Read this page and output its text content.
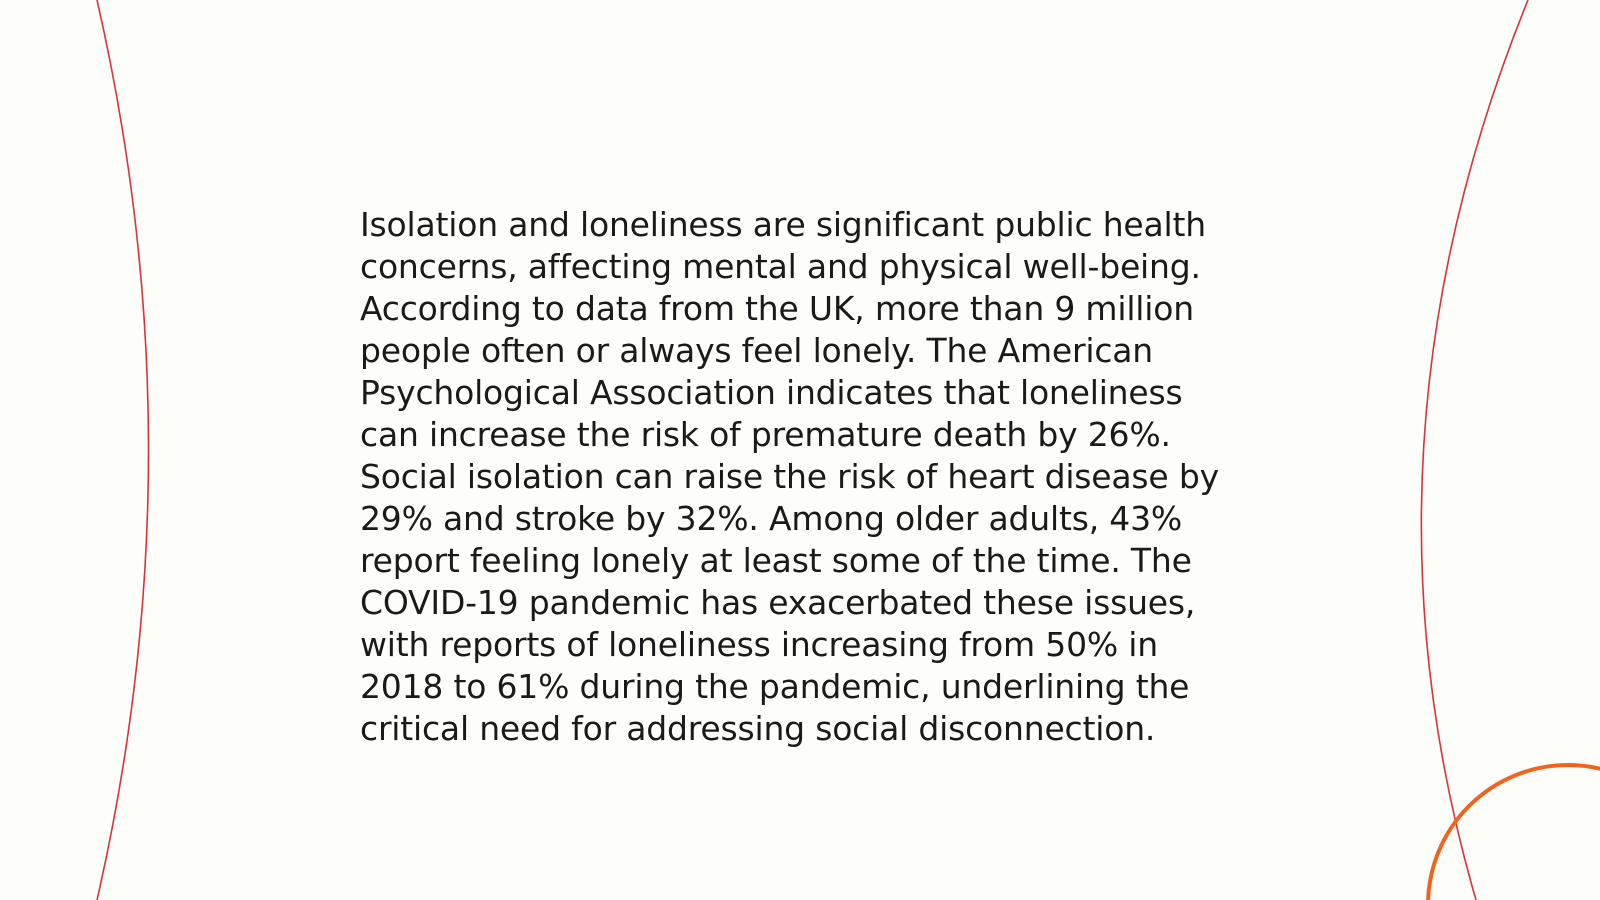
Isolation and loneliness are significant public health concerns, affecting mental and physical well-being. According to data from the UK, more than 9 million people often or always feel lonely. The American Psychological Association indicates that loneliness can increase the risk of premature death by 26%. Social isolation can raise the risk of heart disease by 29% and stroke by 32%. Among older adults, 43% report feeling lonely at least some of the time. The COVID-19 pandemic has exacerbated these issues, with reports of loneliness increasing from 50% in 2018 to 61% during the pandemic, underlining the critical need for addressing social disconnection.
